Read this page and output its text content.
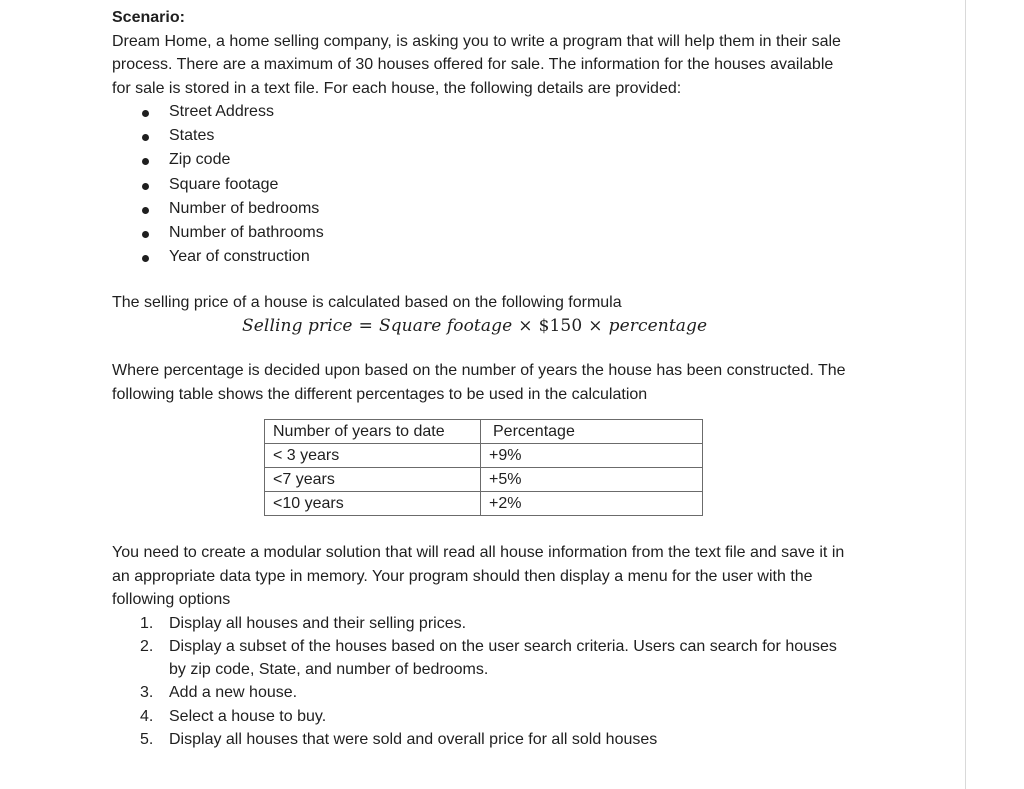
Scenario:

Dream Home, a home selling company, is asking you to write a program that will help them in their sale process. There are a maximum of 30 houses offered for sale. The information for the houses available for sale is stored in a text file. For each house, the following details are provided:

Street Address
States
Zip code
Square footage
Number of bedrooms
Number of bathrooms
Year of construction

The selling price of a house is calculated based on the following formula

Selling price = Square footage × $150 × percentage

Where percentage is decided upon based on the number of years the house has been constructed. The following table shows the different percentages to be used in the calculation

Number of years to date	Percentage
< 3 years	+9%
<7 years	+5%
<10 years	+2%

You need to create a modular solution that will read all house information from the text file and save it in an appropriate data type in memory. Your program should then display a menu for the user with the following options

1. Display all houses and their selling prices.
2. Display a subset of the houses based on the user search criteria. Users can search for houses by zip code, State, and number of bedrooms.
3. Add a new house.
4. Select a house to buy.
5. Display all houses that were sold and overall price for all sold houses
